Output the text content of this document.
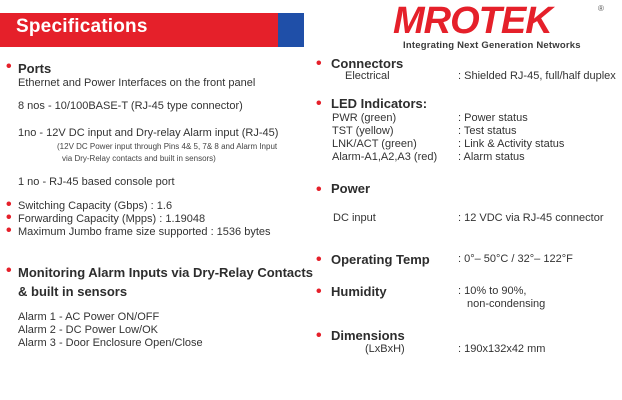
Specifications	MROTEK	®
Integrating Next Generation Networks
• Ports
Ethernet and Power Interfaces on the front panel
8 nos - 10/100BASE-T (RJ-45 type connector)
1no - 12V DC input and Dry-relay Alarm input (RJ-45)
(12V DC Power input through Pins 4& 5, 7& 8 and Alarm Input
via Dry-Relay contacts and built in sensors)
1 no - RJ-45 based console port
• Switching Capacity (Gbps) : 1.6
• Forwarding Capacity (Mpps) : 1.19048
• Maximum Jumbo frame size supported : 1536 bytes
• Monitoring Alarm Inputs via Dry-Relay Contacts
& built in sensors
Alarm 1 - AC Power ON/OFF
Alarm 2 - DC Power Low/OK
Alarm 3 - Door Enclosure Open/Close
• Connectors
Electrical	: Shielded RJ-45, full/half duplex
• LED Indicators:
PWR (green)	: Power status
TST (yellow)	: Test status
LNK/ACT (green)	: Link & Activity status
Alarm-A1,A2,A3 (red) : Alarm status
• Power
DC input	: 12 VDC via RJ-45 connector
• Operating Temp	: 0°– 50°C / 32°– 122°F
• Humidity	: 10% to 90%,
non-condensing
• Dimensions
(LxBxH)	: 190x132x42 mm
